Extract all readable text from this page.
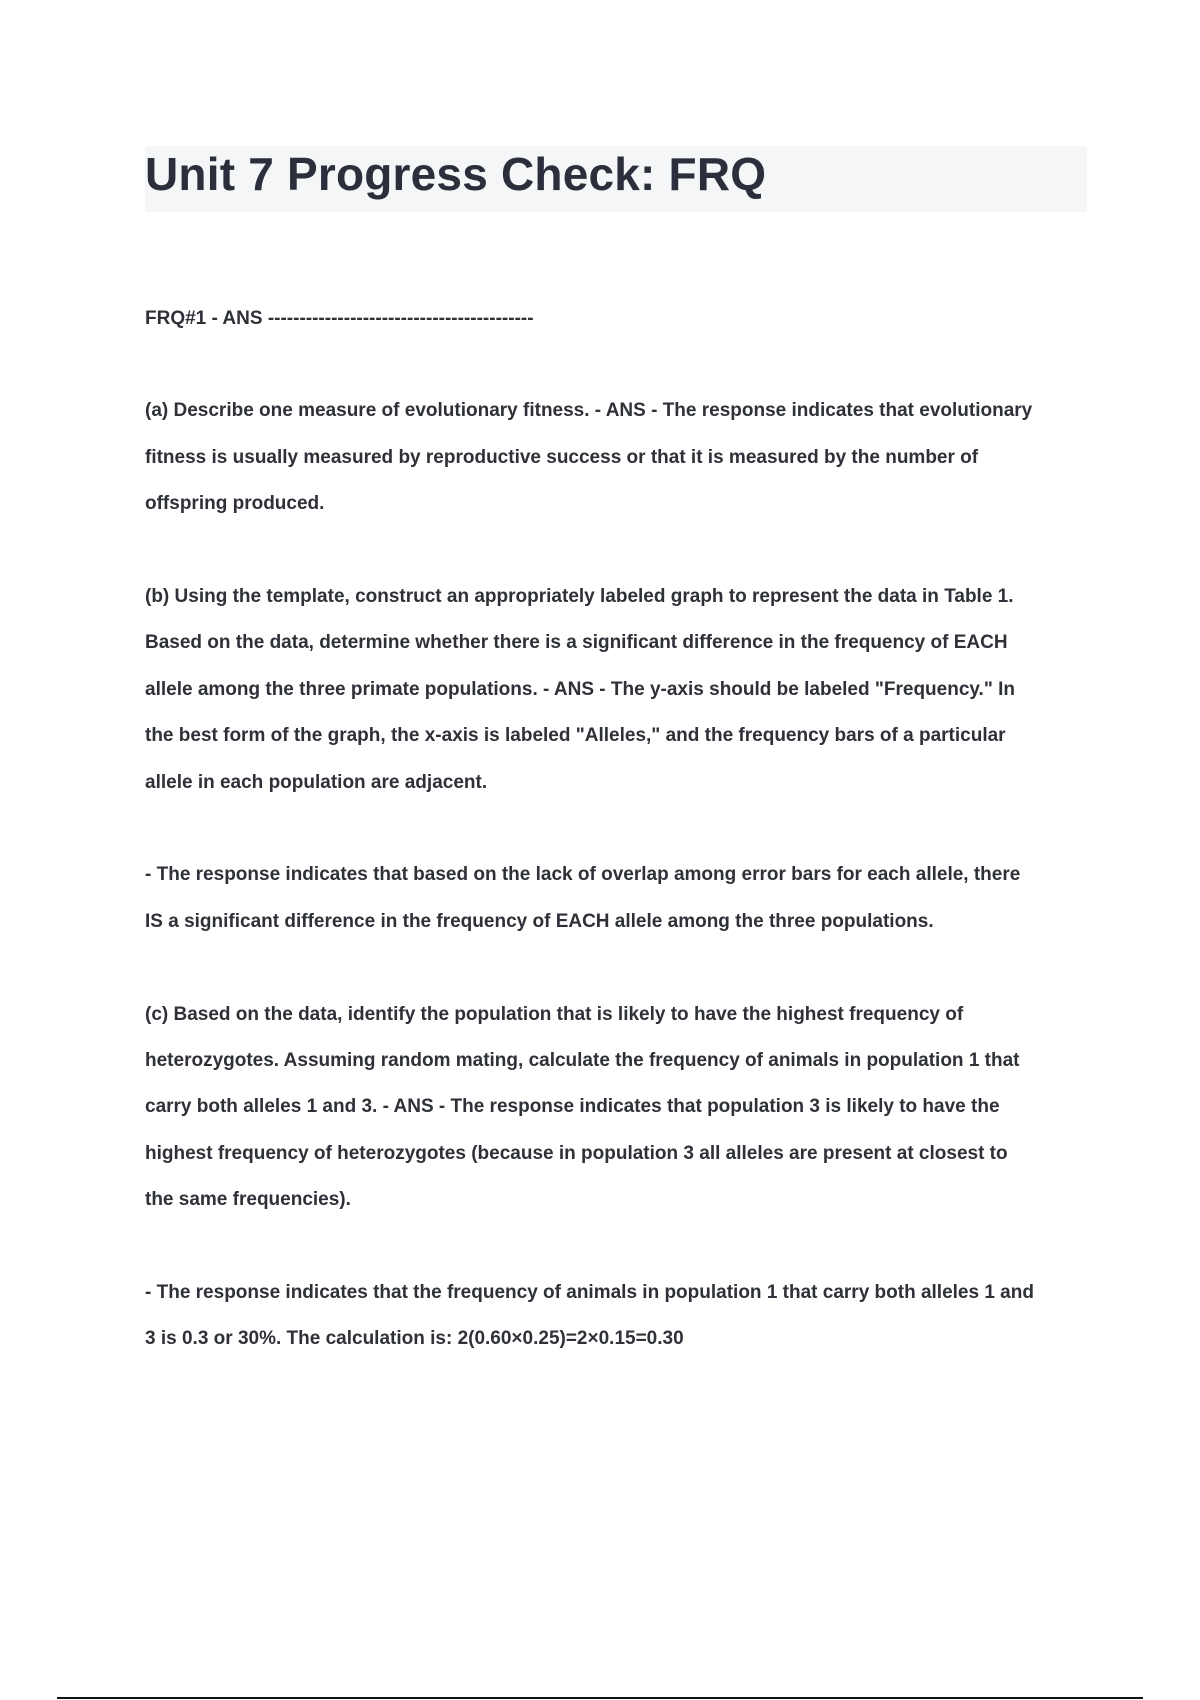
Unit 7 Progress Check: FRQ

FRQ#1 - ANS ------------------------------------------

(a) Describe one measure of evolutionary fitness. - ANS - The response indicates that evolutionary

fitness is usually measured by reproductive success or that it is measured by the number of

offspring produced.

(b) Using the template, construct an appropriately labeled graph to represent the data in Table 1.

Based on the data, determine whether there is a significant difference in the frequency of EACH

allele among the three primate populations. - ANS - The y-axis should be labeled "Frequency." In

the best form of the graph, the x-axis is labeled "Alleles," and the frequency bars of a particular

allele in each population are adjacent.

- The response indicates that based on the lack of overlap among error bars for each allele, there

IS a significant difference in the frequency of EACH allele among the three populations.

(c) Based on the data, identify the population that is likely to have the highest frequency of

heterozygotes. Assuming random mating, calculate the frequency of animals in population 1 that

carry both alleles 1 and 3. - ANS - The response indicates that population 3 is likely to have the

highest frequency of heterozygotes (because in population 3 all alleles are present at closest to

the same frequencies).

- The response indicates that the frequency of animals in population 1 that carry both alleles 1 and

3 is 0.3 or 30%. The calculation is: 2(0.60×0.25)=2×0.15=0.30
